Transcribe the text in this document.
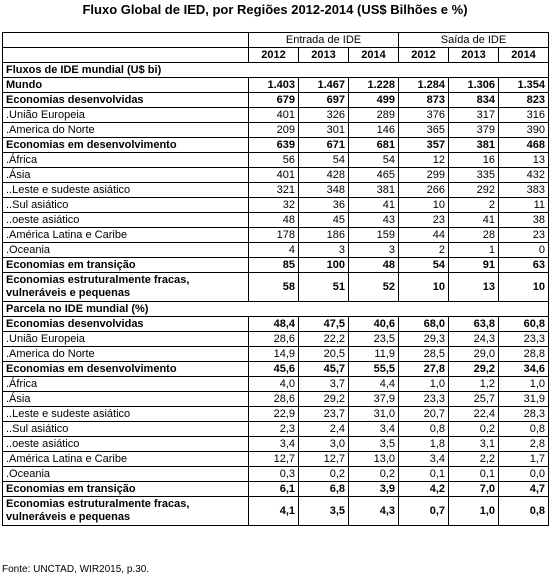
Fluxo Global de IED, por Regiões 2012-2014 (US$ Bilhões e %)
	Entrada de IDE			Saída de IDE		
	2012	2013	2014	2012	2013	2014
Fluxos de IDE mundial (U$ bi)						
Mundo	1.403	1.467	1.228	1.284	1.306	1.354
Economias desenvolvidas	679	697	499	873	834	823
.União Europeia	401	326	289	376	317	316
.America do Norte	209	301	146	365	379	390
Economias em desenvolvimento	639	671	681	357	381	468
.África	56	54	54	12	16	13
.Ásia	401	428	465	299	335	432
..Leste e sudeste asiático	321	348	381	266	292	383
..Sul asiático	32	36	41	10	2	11
..oeste asiático	48	45	43	23	41	38
.América Latina e Caribe	178	186	159	44	28	23
.Oceania	4	3	3	2	1	0
Economias em transição	85	100	48	54	91	63
Economias estruturalmente fracas, vulneráveis e pequenas	58	51	52	10	13	10
Parcela no IDE mundial (%)						
Economias desenvolvidas	48,4	47,5	40,6	68,0	63,8	60,8
.União Europeia	28,6	22,2	23,5	29,3	24,3	23,3
.America do Norte	14,9	20,5	11,9	28,5	29,0	28,8
Economias em desenvolvimento	45,6	45,7	55,5	27,8	29,2	34,6
.África	4,0	3,7	4,4	1,0	1,2	1,0
.Ásia	28,6	29,2	37,9	23,3	25,7	31,9
..Leste e sudeste asiático	22,9	23,7	31,0	20,7	22,4	28,3
..Sul asiático	2,3	2,4	3,4	0,8	0,2	0,8
..oeste asiático	3,4	3,0	3,5	1,8	3,1	2,8
.América Latina e Caribe	12,7	12,7	13,0	3,4	2,2	1,7
.Oceania	0,3	0,2	0,2	0,1	0,1	0,0
Economias em transição	6,1	6,8	3,9	4,2	7,0	4,7
Economias estruturalmente fracas, vulneráveis e pequenas	4,1	3,5	4,3	0,7	1,0	0,8
Fonte: UNCTAD, WIR2015, p.30.
